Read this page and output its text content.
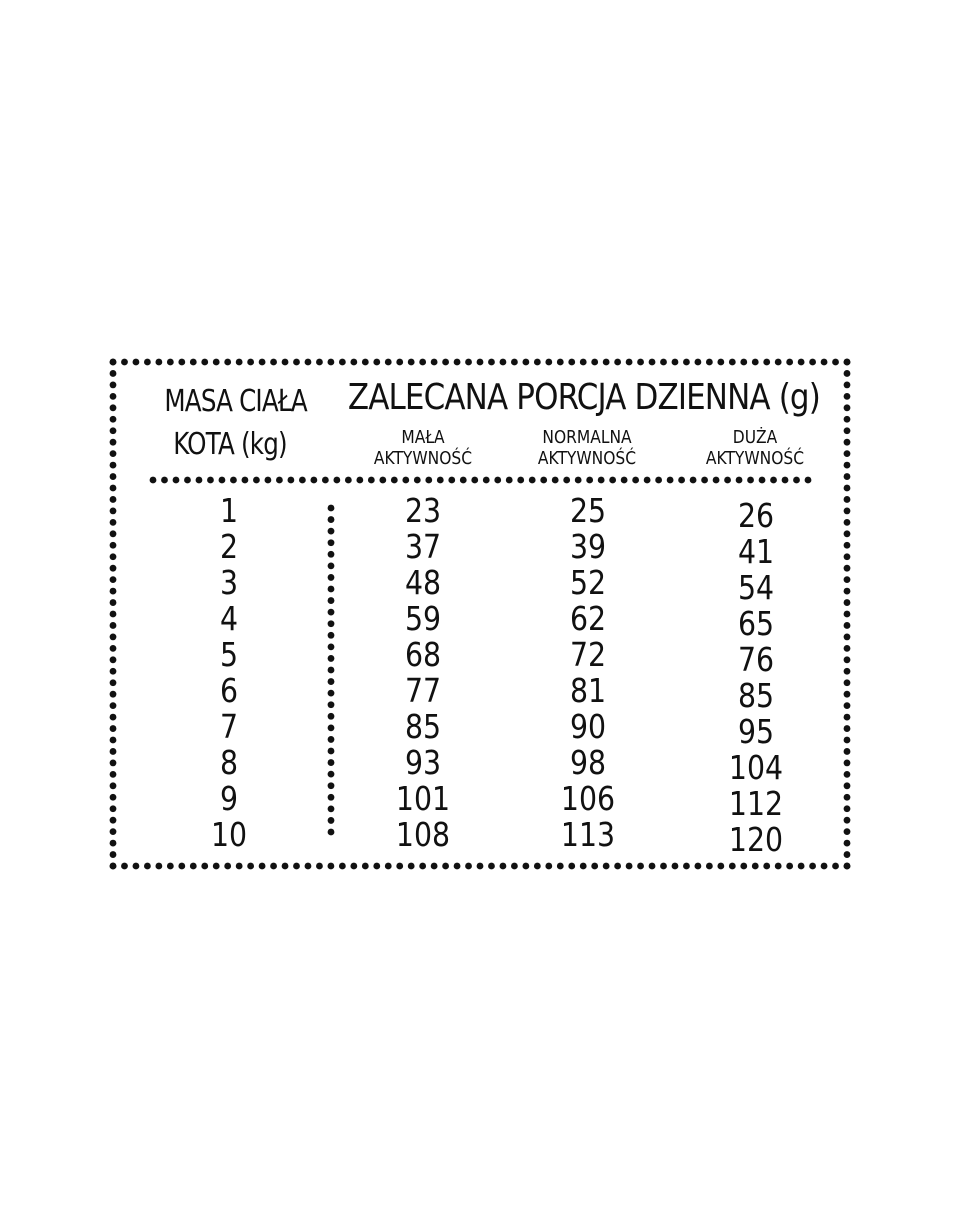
MASA CIAŁA
KOTA (kg)
ZALECANA PORCJA DZIENNA (g)
MAŁA
AKTYWNOŚĆ
NORMALNA
AKTYWNOŚĆ
DUŻA
AKTYWNOŚĆ
1
2
3
4
5
6
7
8
9
10
23
37
48
59
68
77
85
93
101
108
25
39
52
62
72
81
90
98
106
113
26
41
54
65
76
85
95
104
112
120
